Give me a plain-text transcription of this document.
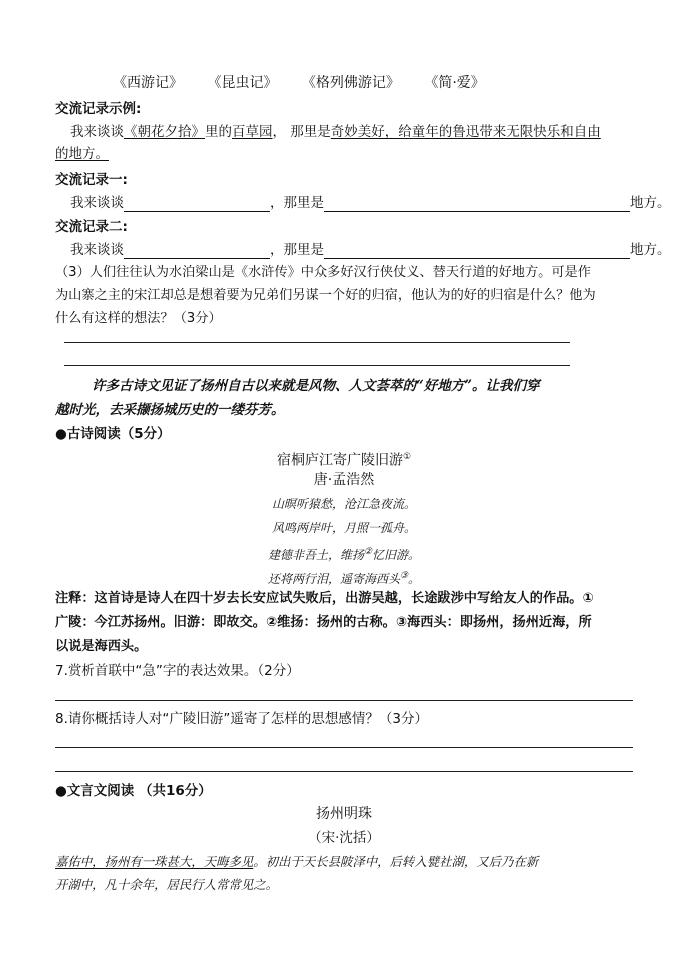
《西游记》 《昆虫记》 《格列佛游记》 《简·爱》
交流记录示例:
我来谈谈《朝花夕拾》里的百草园， 那里是奇妙美好，给童年的鲁迅带来无限快乐和自由
的地方。
交流记录一:
我来谈谈	，那里是	地方。
交流记录二:
我来谈谈	，那里是	地方。
（3）人们往往认为水泊梁山是《水浒传》中众多好汉行侠仗义、替天行道的好地方。可是作
为山寨之主的宋江却总是想着要为兄弟们另谋一个好的归宿，他认为的好的归宿是什么？他为
什么有这样的想法？（3分）
许多古诗文见证了扬州自古以来就是风物、人文荟萃的“好地方”。让我们穿
越时光，去采撷扬城历史的一缕芬芳。
●古诗阅读（5分）
宿桐庐江寄广陵旧游①
唐·孟浩然
山暝听猿愁，沧江急夜流。
风鸣两岸叶，月照一孤舟。
建德非吾土，维扬②忆旧游。
还将两行泪，遥寄海西头③。
注释：这首诗是诗人在四十岁去长安应试失败后，出游吴越，长途跋涉中写给友人的作品。①
广陵：今江苏扬州。旧游：即故交。②维扬：扬州的古称。③海西头：即扬州，扬州近海，所
以说是海西头。
7.赏析首联中“急”字的表达效果。（2分）
8.请你概括诗人对“广陵旧游”遥寄了怎样的思想感情？（3分）
●文言文阅读 （共16分）
扬州明珠
（宋·沈括）
嘉佑中，扬州有一珠甚大，天晦多见。初出于天长县陂泽中，后转入甓社湖，又后乃在新
开湖中，凡十余年，居民行人常常见之。
